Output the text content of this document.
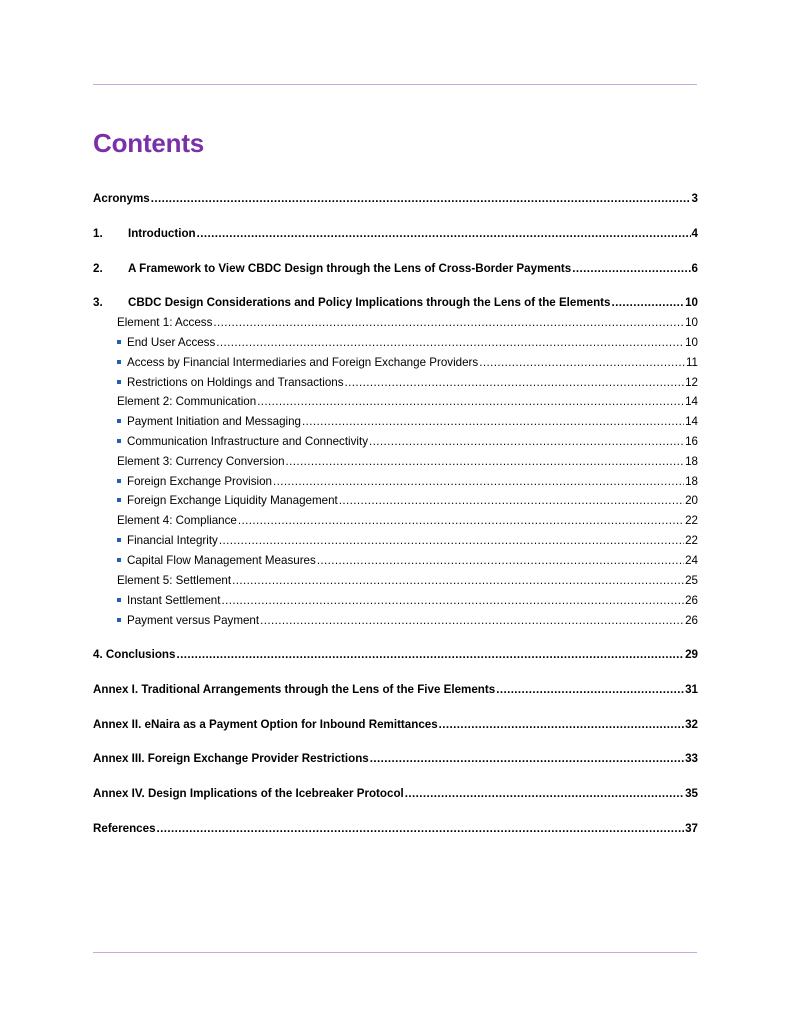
Contents
Acronyms .....	3
1.	Introduction .....	4
2.	A Framework to View CBDC Design through the Lens of Cross-Border Payments .....	6
3.	CBDC Design Considerations and Policy Implications through the Lens of the Elements .....	10
Element 1: Access .....	10
End User Access .....	10
Access by Financial Intermediaries and Foreign Exchange Providers .....	11
Restrictions on Holdings and Transactions .....	12
Element 2: Communication .....	14
Payment Initiation and Messaging .....	14
Communication Infrastructure and Connectivity .....	16
Element 3: Currency Conversion .....	18
Foreign Exchange Provision .....	18
Foreign Exchange Liquidity Management .....	20
Element 4: Compliance .....	22
Financial Integrity .....	22
Capital Flow Management Measures .....	24
Element 5: Settlement .....	25
Instant Settlement .....	26
Payment versus Payment .....	26
4. Conclusions .....	29
Annex I. Traditional Arrangements through the Lens of the Five Elements .....	31
Annex II. eNaira as a Payment Option for Inbound Remittances .....	32
Annex III. Foreign Exchange Provider Restrictions .....	33
Annex IV. Design Implications of the Icebreaker Protocol .....	35
References .....	37
